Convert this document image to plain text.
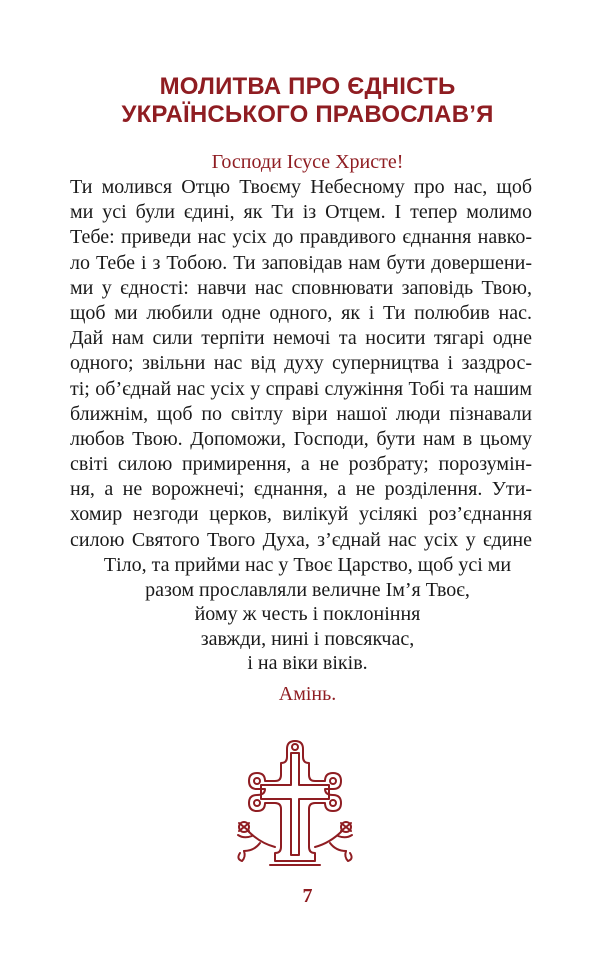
МОЛИТВА ПРО ЄДНІСТЬ
УКРАЇНСЬКОГО ПРАВОСЛАВ’Я
Господи Ісусе Христе!
Ти молився Отцю Твоєму Небесному про нас, щоб
ми усі були єдині, як Ти із Отцем. І тепер молимо
Тебе: приведи нас усіх до правдивого єднання навко-
ло Тебе і з Тобою. Ти заповідав нам бути довершени-
ми у єдності: навчи нас сповнювати заповідь Твою,
щоб ми любили одне одного, як і Ти полюбив нас.
Дай нам сили терпіти немочі та носити тягарі одне
одного; звільни нас від духу суперництва і заздрос-
ті; об’єднай нас усіх у справі служіння Тобі та нашим
ближнім, щоб по світлу віри нашої люди пізнавали
любов Твою. Допоможи, Господи, бути нам в цьому
світі силою примирення, а не розбрату; порозумін-
ня, а не ворожнечі; єднання, а не розділення. Ути-
хомир незгоди церков, вилікуй усілякі роз’єднання
силою Святого Твого Духа, з’єднай нас усіх у єдине
Тіло, та прийми нас у Твоє Царство, щоб усі ми
разом прославляли величне Ім’я Твоє,
йому ж честь і поклоніння
завжди, нині і повсякчас,
і на віки віків.
Амінь.
7
